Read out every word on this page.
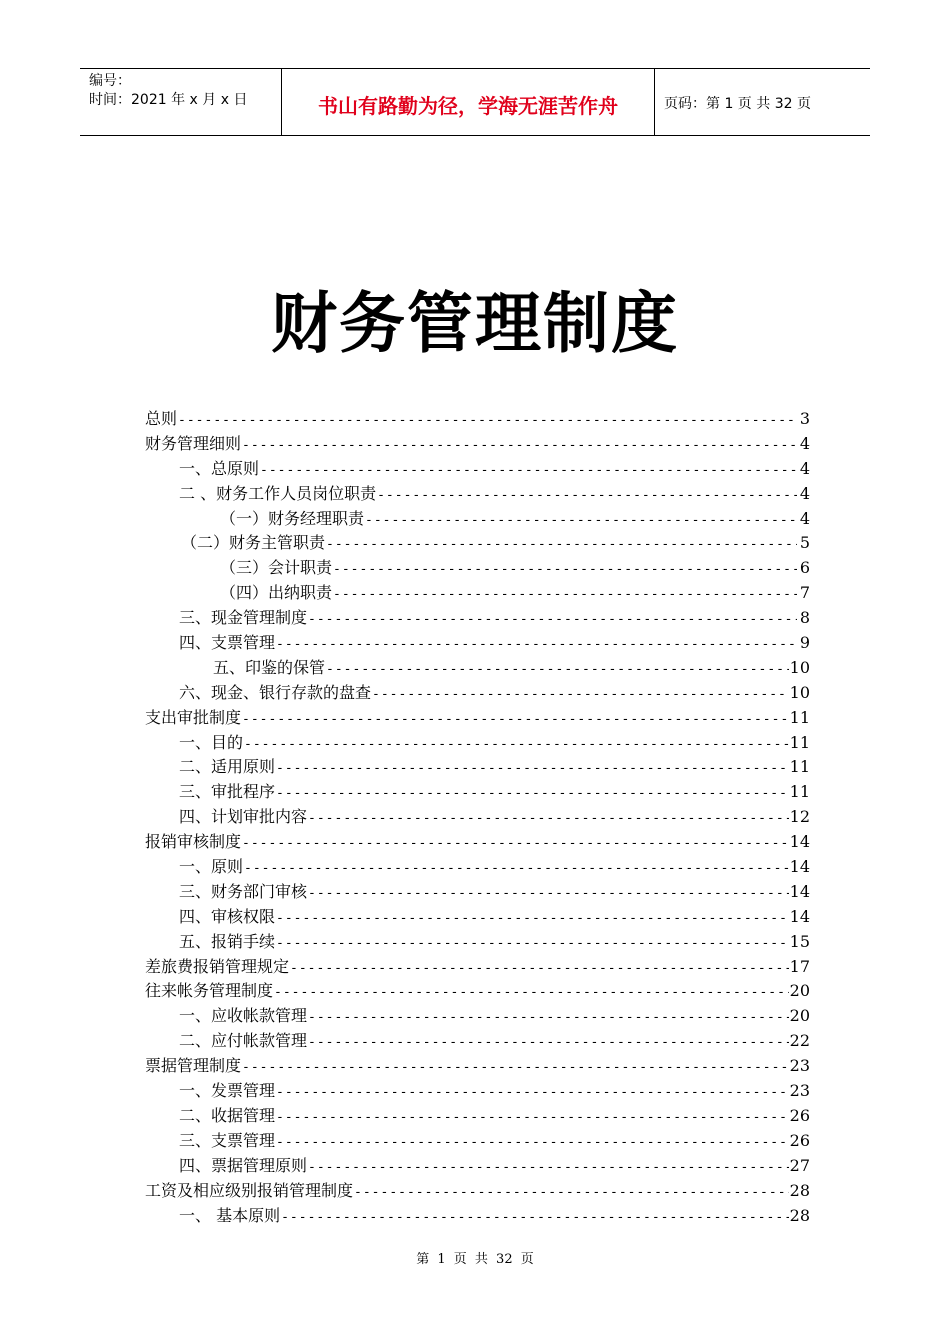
编号：
时间：2021 年 x 月 x 日	书山有路勤为径，学海无涯苦作舟	页码：第 1 页 共 32 页
财务管理制度
总则 -----	3
财务管理细则 -----	4
一、总原则 -----	4
二 、财务工作人员岗位职责 -----	4
（一）财务经理职责 -----	4
（二）财务主管职责 -----	5
（三）会计职责 -----	6
（四）出纳职责 -----	7
三、现金管理制度 -----	8
四、支票管理 -----	9
五、印鉴的保管 -----	10
六、现金、银行存款的盘查 -----	10
支出审批制度 -----	11
一、目的 -----	11
二、适用原则 -----	11
三、审批程序 -----	11
四、计划审批内容 -----	12
报销审核制度 -----	14
一、原则 -----	14
三、财务部门审核 -----	14
四、审核权限 -----	14
五、报销手续 -----	15
差旅费报销管理规定 -----	17
往来帐务管理制度 -----	20
一、应收帐款管理 -----	20
二、应付帐款管理 -----	22
票据管理制度 -----	23
一、发票管理 -----	23
二、收据管理 -----	26
三、支票管理 -----	26
四、票据管理原则 -----	27
工资及相应级别报销管理制度 -----	28
一、 基本原则 -----	28
第 1 页 共 32 页
